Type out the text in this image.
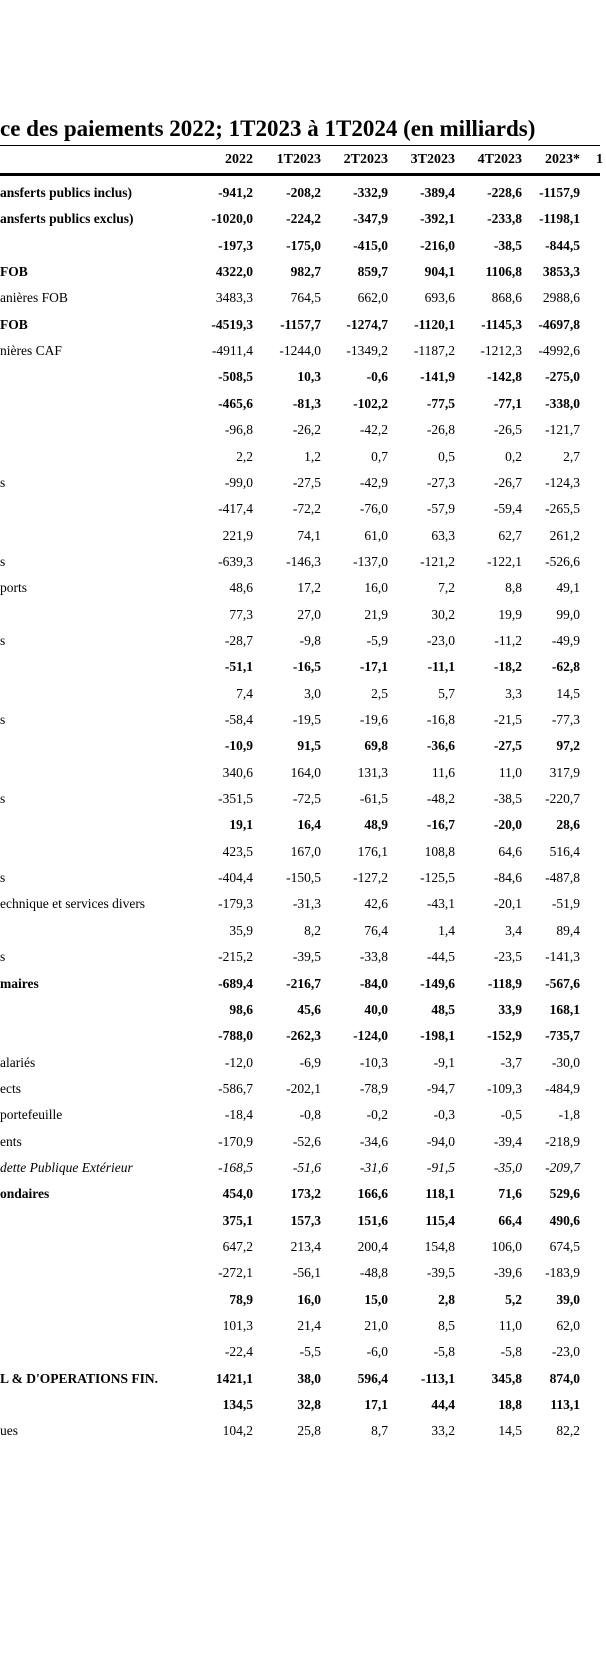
ce des paiements 2022; 1T2023 à 1T2024 (en milliards)
2022	1T2023	2T2023	3T2023	4T2023	2023* 1
ansferts publics inclus)	-941,2	-208,2	-332,9	-389,4	-228,6	-1157,9
ansferts publics exclus)	-1020,0	-224,2	-347,9	-392,1	-233,8	-1198,1
-197,3	-175,0	-415,0	-216,0	-38,5	-844,5
FOB	4322,0	982,7	859,7	904,1	1106,8	3853,3
anières FOB	3483,3	764,5	662,0	693,6	868,6	2988,6
FOB	-4519,3	-1157,7	-1274,7	-1120,1	-1145,3	-4697,8
nières CAF	-4911,4	-1244,0	-1349,2	-1187,2	-1212,3	-4992,6
-508,5	10,3	-0,6	-141,9	-142,8	-275,0
-465,6	-81,3	-102,2	-77,5	-77,1	-338,0
-96,8	-26,2	-42,2	-26,8	-26,5	-121,7
2,2	1,2	0,7	0,5	0,2	2,7
s	-99,0	-27,5	-42,9	-27,3	-26,7	-124,3
-417,4	-72,2	-76,0	-57,9	-59,4	-265,5
221,9	74,1	61,0	63,3	62,7	261,2
s	-639,3	-146,3	-137,0	-121,2	-122,1	-526,6
ports	48,6	17,2	16,0	7,2	8,8	49,1
77,3	27,0	21,9	30,2	19,9	99,0
s	-28,7	-9,8	-5,9	-23,0	-11,2	-49,9
-51,1	-16,5	-17,1	-11,1	-18,2	-62,8
7,4	3,0	2,5	5,7	3,3	14,5
s	-58,4	-19,5	-19,6	-16,8	-21,5	-77,3
-10,9	91,5	69,8	-36,6	-27,5	97,2
340,6	164,0	131,3	11,6	11,0	317,9
s	-351,5	-72,5	-61,5	-48,2	-38,5	-220,7
19,1	16,4	48,9	-16,7	-20,0	28,6
423,5	167,0	176,1	108,8	64,6	516,4
s	-404,4	-150,5	-127,2	-125,5	-84,6	-487,8
echnique et services divers	-179,3	-31,3	42,6	-43,1	-20,1	-51,9
35,9	8,2	76,4	1,4	3,4	89,4
s	-215,2	-39,5	-33,8	-44,5	-23,5	-141,3
maires	-689,4	-216,7	-84,0	-149,6	-118,9	-567,6
98,6	45,6	40,0	48,5	33,9	168,1
-788,0	-262,3	-124,0	-198,1	-152,9	-735,7
alariés	-12,0	-6,9	-10,3	-9,1	-3,7	-30,0
ects	-586,7	-202,1	-78,9	-94,7	-109,3	-484,9
portefeuille	-18,4	-0,8	-0,2	-0,3	-0,5	-1,8
ents	-170,9	-52,6	-34,6	-94,0	-39,4	-218,9
dette Publique Extérieur	-168,5	-51,6	-31,6	-91,5	-35,0	-209,7
ondaires	454,0	173,2	166,6	118,1	71,6	529,6
375,1	157,3	151,6	115,4	66,4	490,6
647,2	213,4	200,4	154,8	106,0	674,5
-272,1	-56,1	-48,8	-39,5	-39,6	-183,9
78,9	16,0	15,0	2,8	5,2	39,0
101,3	21,4	21,0	8,5	11,0	62,0
-22,4	-5,5	-6,0	-5,8	-5,8	-23,0
L & D'OPERATIONS FIN.	1421,1	38,0	596,4	-113,1	345,8	874,0
134,5	32,8	17,1	44,4	18,8	113,1
ues	104,2	25,8	8,7	33,2	14,5	82,2
